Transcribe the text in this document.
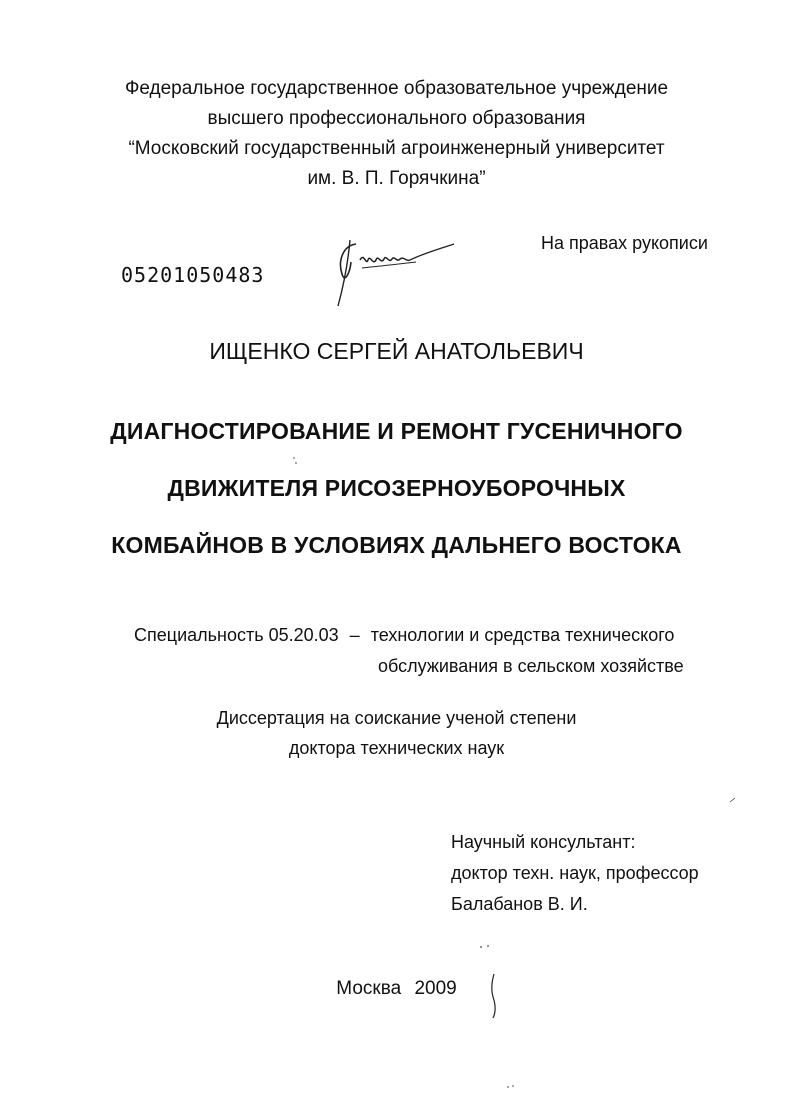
Федеральное государственное образовательное учреждение
высшего профессионального образования
“Московский государственный агроинженерный университет
им. В. П. Горячкина”
На правах рукописи
05201050483
ИЩЕНКО СЕРГЕЙ АНАТОЛЬЕВИЧ
ДИАГНОСТИРОВАНИЕ И РЕМОНТ ГУСЕНИЧНОГО
ДВИЖИТЕЛЯ РИСОЗЕРНОУБОРОЧНЫХ
КОМБАЙНОВ В УСЛОВИЯХ ДАЛЬНЕГО ВОСТОКА
Специальность 05.20.03 – технологии и средства технического
обслуживания в сельском хозяйстве
Диссертация на соискание ученой степени
доктора технических наук
Научный консультант:
доктор техн. наук, профессор
Балабанов В. И.
Москва 2009
